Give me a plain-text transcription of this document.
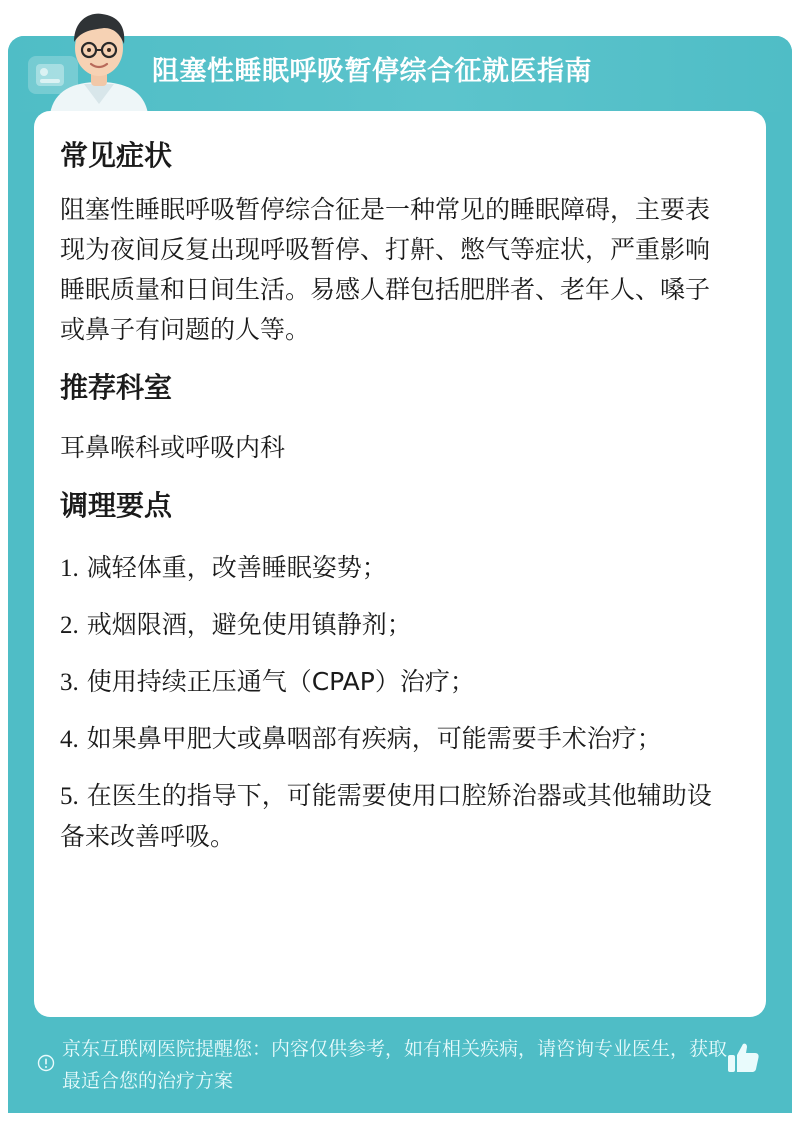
阻塞性睡眠呼吸暂停综合征就医指南
常见症状
阻塞性睡眠呼吸暂停综合征是一种常见的睡眠障碍，主要表现为夜间反复出现呼吸暂停、打鼾、憋气等症状，严重影响睡眠质量和日间生活。易感人群包括肥胖者、老年人、嗓子或鼻子有问题的人等。
推荐科室
耳鼻喉科或呼吸内科
调理要点
1. 减轻体重，改善睡眠姿势；
2. 戒烟限酒，避免使用镇静剂；
3. 使用持续正压通气（CPAP）治疗；
4. 如果鼻甲肥大或鼻咽部有疾病，可能需要手术治疗；
5. 在医生的指导下，可能需要使用口腔矫治器或其他辅助设备来改善呼吸。
京东互联网医院提醒您：内容仅供参考，如有相关疾病，请咨询专业医生，获取最适合您的治疗方案
